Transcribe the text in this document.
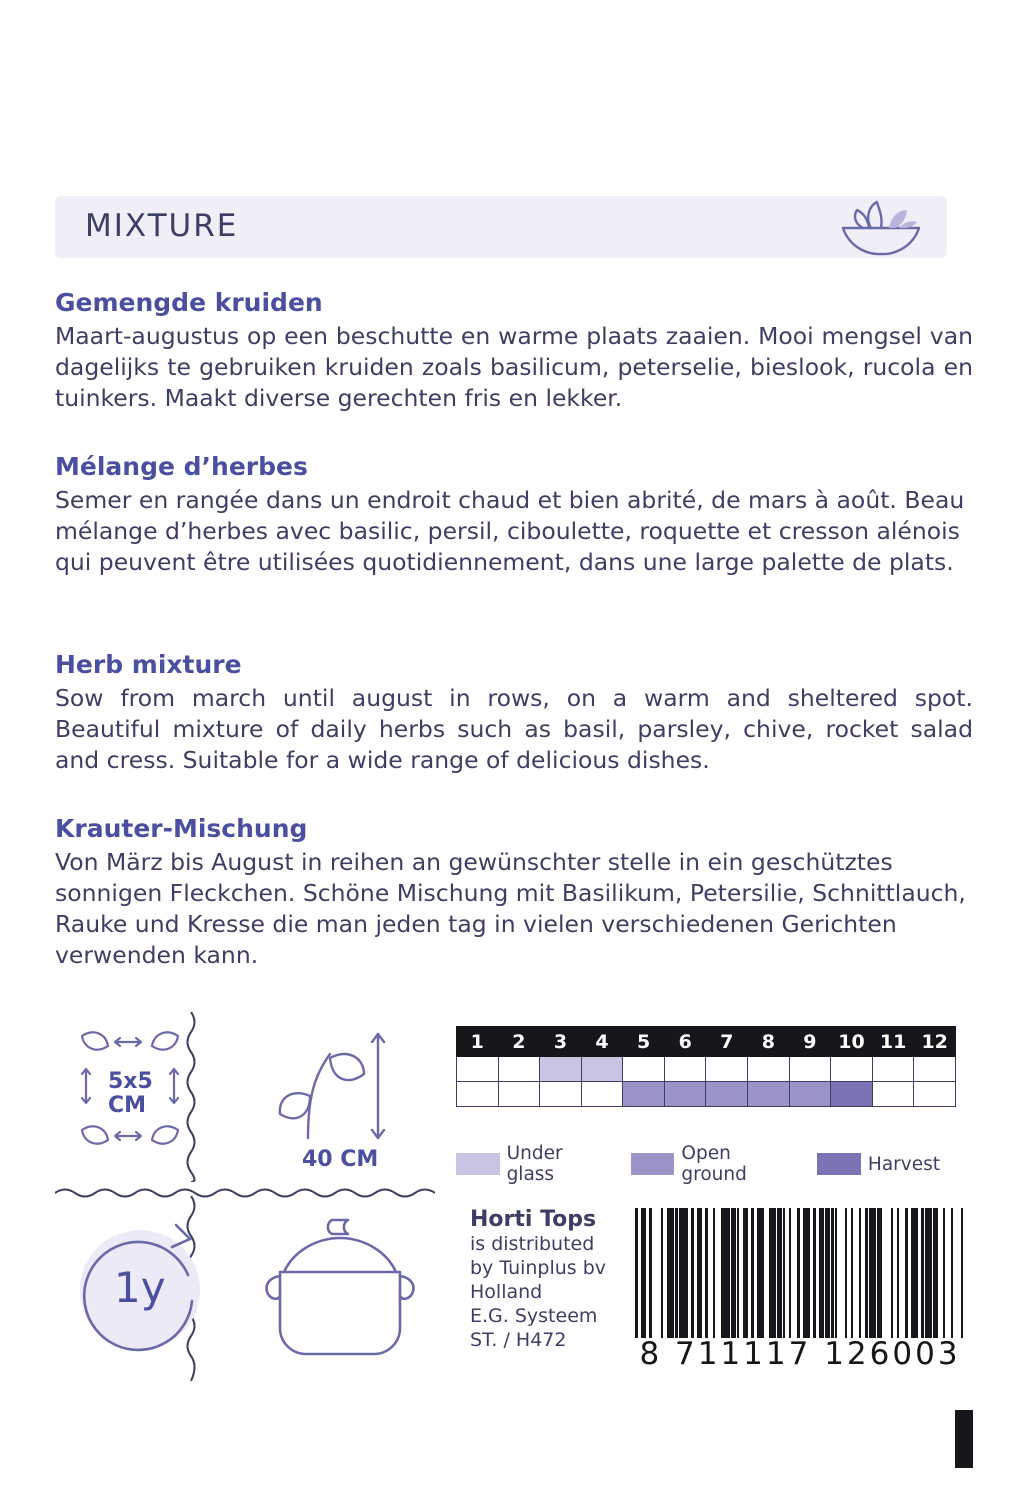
MIXTURE
Gemengde kruiden

Maart-augustus op een beschutte en warme plaats zaaien. Mooi mengsel van dagelijks te gebruiken kruiden zoals basilicum, peterselie, bieslook, rucola en tuinkers. Maakt diverse gerechten fris en lekker.

Mélange d’herbes

Semer en rangée dans un endroit chaud et bien abrité, de mars à août. Beau mélange d’herbes avec basilic, persil, ciboulette, roquette et cresson alénois qui peuvent être utilisées quotidiennement, dans une large palette de plats.

Herb mixture

Sow from march until august in rows, on a warm and sheltered spot. Beautiful mixture of daily herbs such as basil, parsley, chive, rocket salad and cress. Suitable for a wide range of delicious dishes.

Krauter-Mischung

Von März bis August in reihen an gewünschter stelle in ein geschütztes sonnigen Fleckchen. Schöne Mischung mit Basilikum, Petersilie, Schnittlauch, Rauke und Kresse die man jeden tag in vielen verschiedenen Gerichten verwenden kann.

5x5
CM
40 CM
1y
1	2	3	4	5	6	7	8	9	10	11	12

Under glass
Open ground	Harvest
Horti Tops
is distributed
by Tuinplus bv
Holland
E.G. Systeem
ST. / H472	8 711117 126003
